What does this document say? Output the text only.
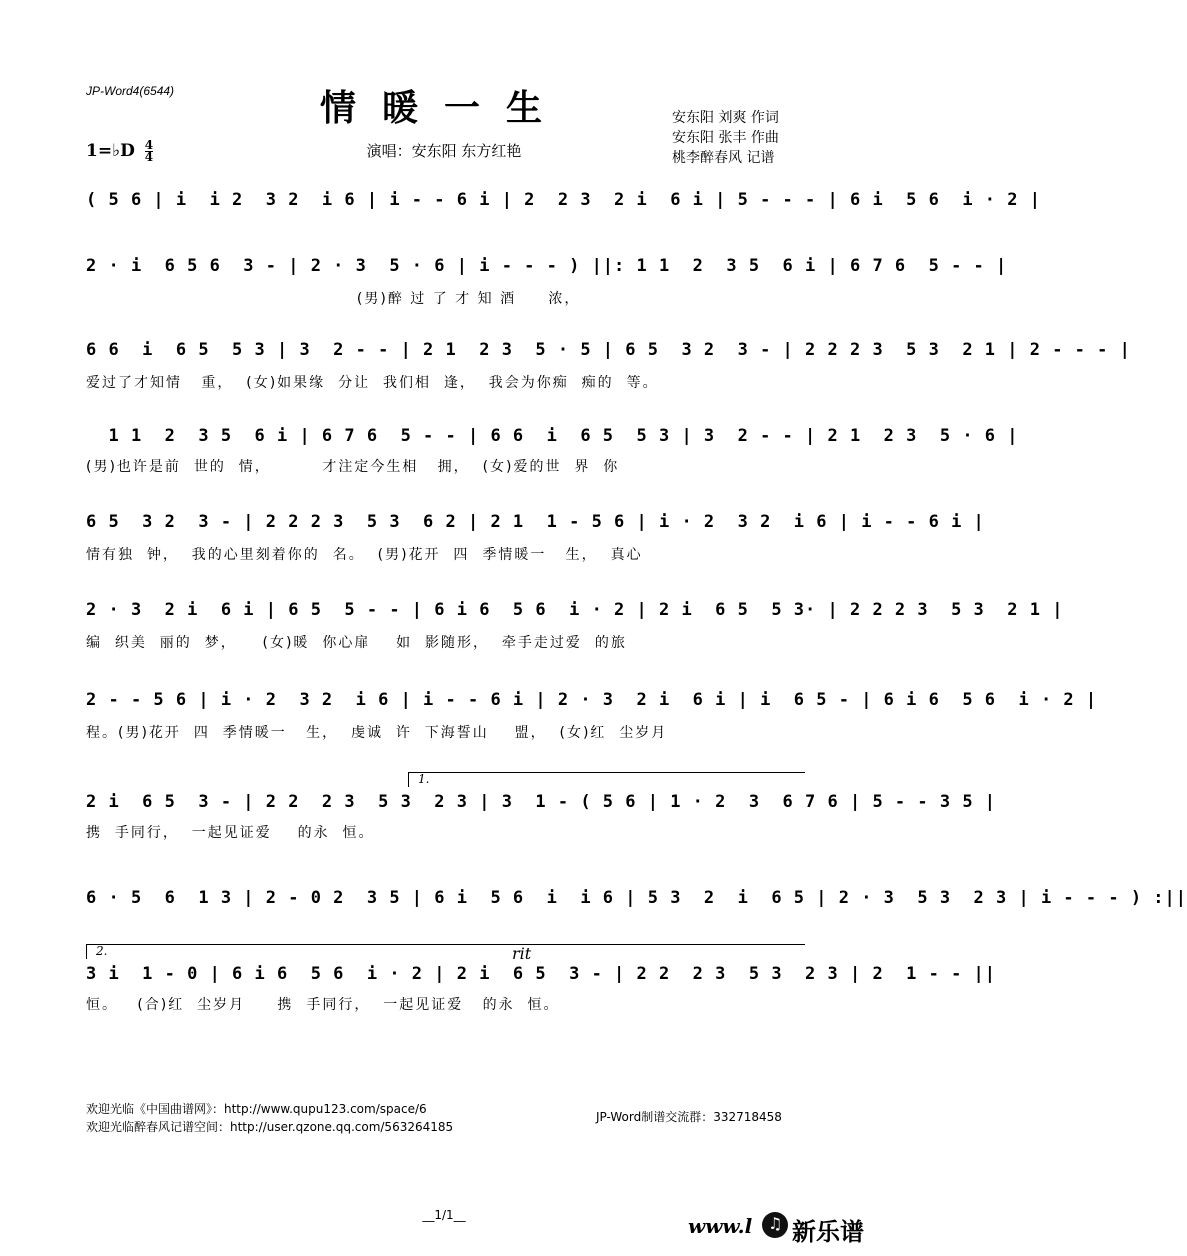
JP-Word4(6544)	情暖一生
演唱：安东阳 东方红艳
安东阳 刘爽 作词
安东阳 张丰 作曲
桃李醉春风 记谱
1=♭D $\frac{4}{4}$
( 5 6 | i  i 2  3 2  i 6 | i - - 6 i | 2  2 3  2 i  6 i | 5 - - - | 6 i  5 6  i · 2 |
2 · i  6 5 6  3 - | 2 · 3  5 · 6 | i - - - ) ||: 1 1  2  3 5  6 i | 6 7 6  5 - - |
(男)醉 过 了 才 知 酒     浓，
6 6  i  6 5  5 3 | 3  2 - - | 2 1  2 3  5 · 5 | 6 5  3 2  3 - | 2 2 2 3  5 3  2 1 | 2 - - - |
爱过了才知情   重，  (女)如果缘  分让  我们相  逢，  我会为你痴  痴的  等。
1 1  2  3 5  6 i | 6 7 6  5 - - | 6 6  i  6 5  5 3 | 3  2 - - | 2 1  2 3  5 · 6 |
(男)也许是前  世的  情，        才注定今生相   拥，  (女)爱的世  界  你
6 5  3 2  3 - | 2 2 2 3  5 3  6 2 | 2 1  1 - 5 6 | i · 2  3 2  i 6 | i - - 6 i |
情有独  钟，  我的心里刻着你的  名。  (男)花开  四  季情暖一   生，  真心
2 · 3  2 i  6 i | 6 5  5 - - | 6 i 6  5 6  i · 2 | 2 i  6 5  5 3· | 2 2 2 3  5 3  2 1 |
编  织美  丽的  梦，    (女)暖  你心扉    如  影随形，  牵手走过爱  的旅
2 - - 5 6 | i · 2  3 2  i 6 | i - - 6 i | 2 · 3  2 i  6 i | i  6 5 - | 6 i 6  5 6  i · 2 |
程。(男)花开  四  季情暖一   生，  虔诚  许  下海誓山    盟，  (女)红  尘岁月
1.
2 i  6 5  3 - | 2 2  2 3  5 3  2 3 | 3  1 - ( 5 6 | 1 · 2  3  6 7 6 | 5 - - 3 5 |
携  手同行，  一起见证爱    的永  恒。
6 · 5  6  1 3 | 2 - 0 2  3 5 | 6 i  5 6  i  i 6 | 5 3  2  i  6 5 | 2 · 3  5 3  2 3 | i - - - ) :||
2.	rit
3 i  1 - 0 | 6 i 6  5 6  i · 2 | 2 i  6 5  3 - | 2 2  2 3  5 3  2 3 | 2  1 - - ||
恒。   (合)红  尘岁月     携  手同行，  一起见证爱   的永  恒。
欢迎光临《中国曲谱网》：http://www.qupu123.com/space/6
欢迎光临醉春风记谱空间：http://user.qzone.qq.com/563264185
JP-Word制谱交流群：332718458
__1/1__	www.l
♫ 新乐谱
